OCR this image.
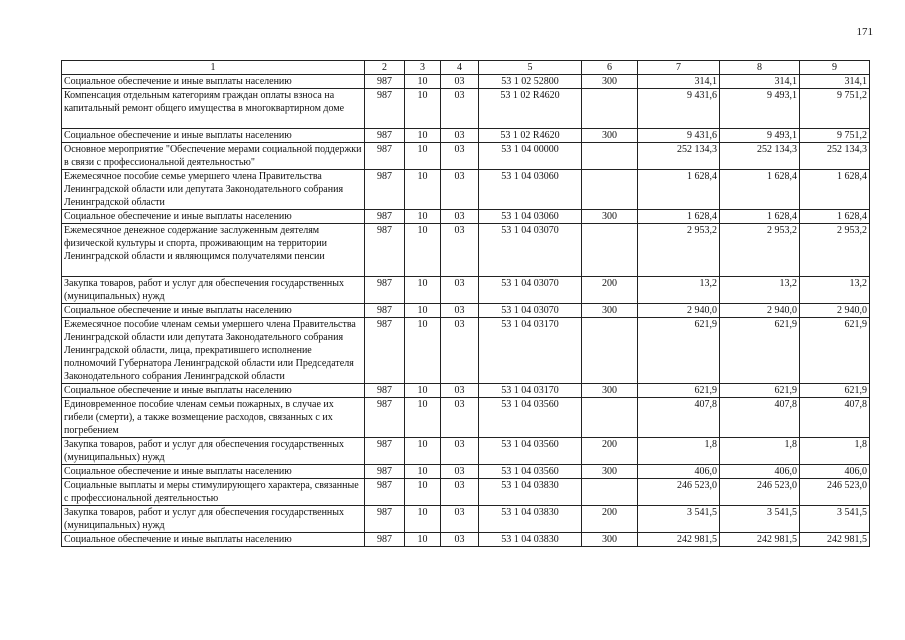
171
1	2	3	4	5	6	7	8	9
Социальное обеспечение и иные выплаты населению	987	10	03	53 1 02 52800	300	314,1	314,1	314,1
Компенсация отдельным категориям граждан оплаты взноса на капитальный ремонт общего имущества в многоквартирном доме	987	10	03	53 1 02 R4620		9 431,6	9 493,1	9 751,2
Социальное обеспечение и иные выплаты населению	987	10	03	53 1 02 R4620	300	9 431,6	9 493,1	9 751,2
Основное мероприятие "Обеспечение мерами социальной поддержки в связи с профессиональной деятельностью"	987	10	03	53 1 04 00000		252 134,3	252 134,3	252 134,3
Ежемесячное пособие семье умершего члена Правительства Ленинградской области или депутата Законодательного собрания Ленинградской области	987	10	03	53 1 04 03060		1 628,4	1 628,4	1 628,4
Социальное обеспечение и иные выплаты населению	987	10	03	53 1 04 03060	300	1 628,4	1 628,4	1 628,4
Ежемесячное денежное содержание заслуженным деятелям физической культуры и спорта, проживающим на территории Ленинградской области и являющимся получателями пенсии	987	10	03	53 1 04 03070		2 953,2	2 953,2	2 953,2
Закупка товаров, работ и услуг для обеспечения государственных (муниципальных) нужд	987	10	03	53 1 04 03070	200	13,2	13,2	13,2
Социальное обеспечение и иные выплаты населению	987	10	03	53 1 04 03070	300	2 940,0	2 940,0	2 940,0
Ежемесячное пособие членам семьи умершего члена Правительства Ленинградской области или депутата Законодательного собрания Ленинградской области, лица, прекратившего исполнение полномочий Губернатора Ленинградской области или Председателя Законодательного собрания Ленинградской области	987	10	03	53 1 04 03170		621,9	621,9	621,9
Социальное обеспечение и иные выплаты населению	987	10	03	53 1 04 03170	300	621,9	621,9	621,9
Единовременное пособие членам семьи пожарных, в случае их гибели (смерти), а также возмещение расходов, связанных с их погребением	987	10	03	53 1 04 03560		407,8	407,8	407,8
Закупка товаров, работ и услуг для обеспечения государственных (муниципальных) нужд	987	10	03	53 1 04 03560	200	1,8	1,8	1,8
Социальное обеспечение и иные выплаты населению	987	10	03	53 1 04 03560	300	406,0	406,0	406,0
Социальные выплаты и меры стимулирующего характера, связанные с профессиональной деятельностью	987	10	03	53 1 04 03830		246 523,0	246 523,0	246 523,0
Закупка товаров, работ и услуг для обеспечения государственных (муниципальных) нужд	987	10	03	53 1 04 03830	200	3 541,5	3 541,5	3 541,5
Социальное обеспечение и иные выплаты населению	987	10	03	53 1 04 03830	300	242 981,5	242 981,5	242 981,5
